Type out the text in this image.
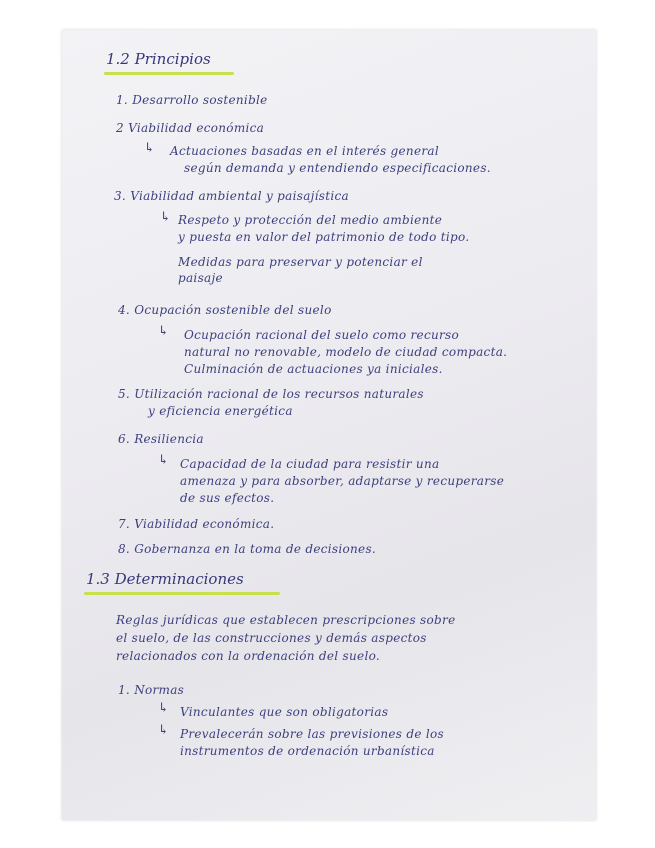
1.2 Principios
1. Desarrollo sostenible
2 Viabilidad económica
↳ Actuaciones basadas en el interés general
según demanda y entendiendo especificaciones.
3. Viabilidad ambiental y paisajística
↳ Respeto y protección del medio ambiente
y puesta en valor del patrimonio de todo tipo.
Medidas para preservar y potenciar el
paisaje
4. Ocupación sostenible del suelo
↳ Ocupación racional del suelo como recurso
natural no renovable, modelo de ciudad compacta.
Culminación de actuaciones ya iniciales.
5. Utilización racional de los recursos naturales
y eficiencia energética
6. Resiliencia
↳ Capacidad de la ciudad para resistir una
amenaza y para absorber, adaptarse y recuperarse
de sus efectos.
7. Viabilidad económica.
8. Gobernanza en la toma de decisiones.
1.3 Determinaciones
Reglas jurídicas que establecen prescripciones sobre
el suelo, de las construcciones y demás aspectos
relacionados con la ordenación del suelo.
1. Normas
↳ Vinculantes que son obligatorias
↳ Prevalecerán sobre las previsiones de los
instrumentos de ordenación urbanística
